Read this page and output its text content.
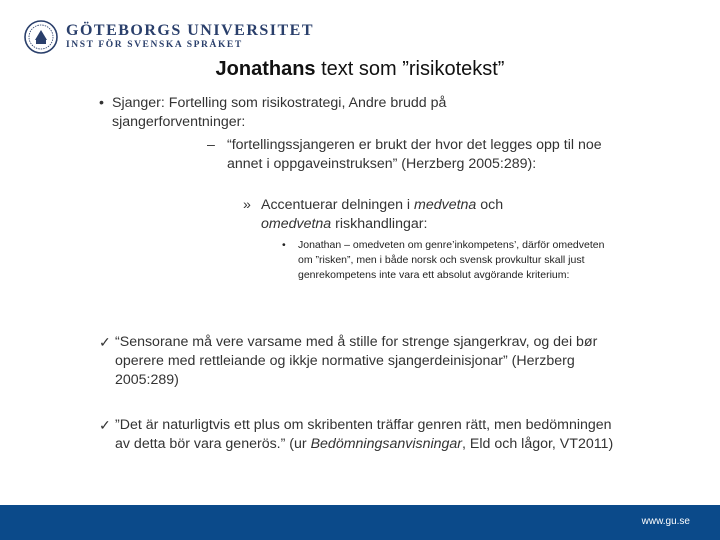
GÖTEBORGS UNIVERSITET
INST FÖR SVENSKA SPRÅKET
Jonathans text som ”risikotekst”
• Sjanger: Fortelling som risikostrategi, Andre brudd på sjangerforventninger:
– “fortellingssjangeren er brukt der hvor det legges opp til noe annet i oppgaveinstruksen” (Herzberg 2005:289):
» Accentuerar delningen i medvetna och omedvetna riskhandlingar:
•	Jonathan – omedveten om genre’inkompetens’, därför omedveten om ”risken”, men i både norsk och svensk provkultur skall just genrekompetens inte vara ett absolut avgörande kriterium:
✓ “Sensorane må vere varsame med å stille for strenge sjangerkrav, og dei bør operere med rettleiande og ikkje normative sjangerdeinisjonar” (Herzberg 2005:289)
✓ ”Det är naturligtvis ett plus om skribenten träffar genren rätt, men bedömningen av detta bör vara generös.” (ur Bedömningsanvisningar, Eld och lågor, VT2011)
www.gu.se
